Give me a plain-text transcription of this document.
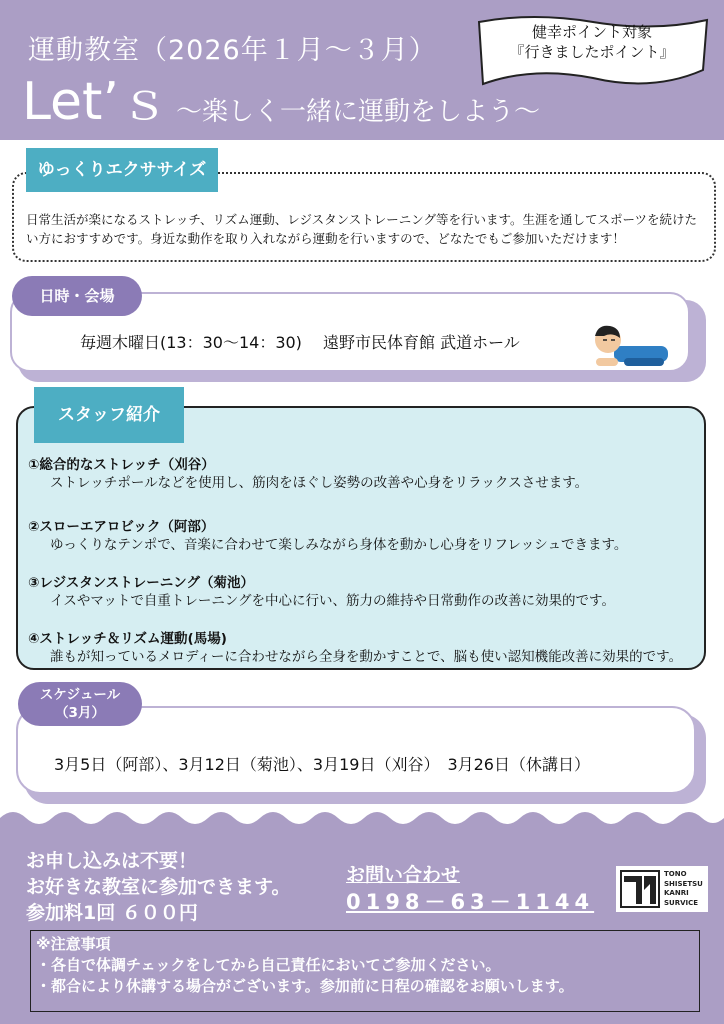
運動教室（2026年１月～３月）
Let’ｓ ～楽しく一緒に運動をしよう～
健幸ポイント対象
『行きましたポイント』
ゆっくりエクササイズ
日常生活が楽になるストレッチ、リズム運動、レジスタンストレーニング等を行います。生涯を通してスポーツを続けたい方におすすめです。身近な動作を取り入れながら運動を行いますので、どなたでもご参加いただけます！
日時・会場
毎週木曜日(13：30～14：30)　 遠野市民体育館 武道ホール
スタッフ紹介
①総合的なストレッチ（刈谷）
ストレッチポールなどを使用し、筋肉をほぐし姿勢の改善や心身をリラックスさせます。
②スローエアロビック（阿部）
ゆっくりなテンポで、音楽に合わせて楽しみながら身体を動かし心身をリフレッシュできます。
③レジスタンストレーニング（菊池）
イスやマットで自重トレーニングを中心に行い、筋力の維持や日常動作の改善に効果的です。
④ストレッチ＆リズム運動(馬場)
誰もが知っているメロディーに合わせながら全身を動かすことで、脳も使い認知機能改善に効果的です。
スケジュール
（3月）
3月5日（阿部）、3月12日（菊池）、3月19日（刈谷）　3月26日（休講日）
お申し込みは不要！
お好きな教室に参加できます。
参加料1回 ６００円
お問い合わせ
0198－63－1144
TONO
SHISETSU
KANRI
SURVICE
※注意事項
・各自で体調チェックをしてから自己責任においてご参加ください。
・都合により休講する場合がございます。参加前に日程の確認をお願いします。
